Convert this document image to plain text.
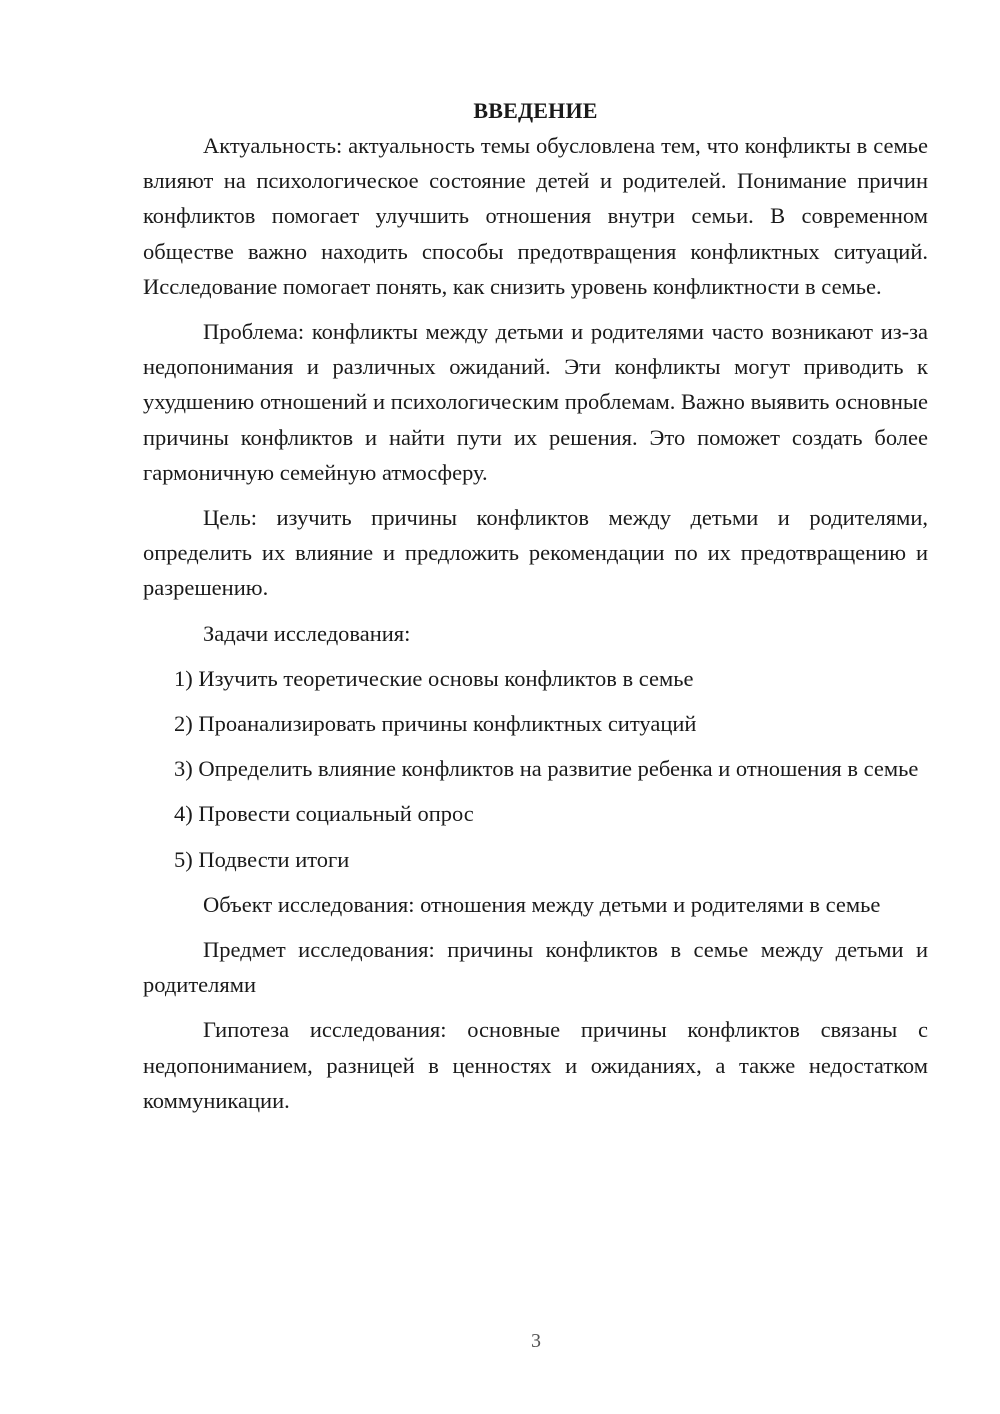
ВВЕДЕНИЕ

Актуальность: актуальность темы обусловлена тем, что конфликты в семье влияют на психологическое состояние детей и родителей. Понимание причин конфликтов помогает улучшить отношения внутри семьи. В современном обществе важно находить способы предотвращения конфликтных ситуаций. Исследование помогает понять, как снизить уровень конфликтности в семье.

Проблема: конфликты между детьми и родителями часто возникают из-за недопонимания и различных ожиданий. Эти конфликты могут приводить к ухудшению отношений и психологическим проблемам. Важно выявить основные причины конфликтов и найти пути их решения. Это поможет создать более гармоничную семейную атмосферу.

Цель: изучить причины конфликтов между детьми и родителями, определить их влияние и предложить рекомендации по их предотвращению и разрешению.

Задачи исследования:

1) Изучить теоретические основы конфликтов в семье

2) Проанализировать причины конфликтных ситуаций

3) Определить влияние конфликтов на развитие ребенка и отношения в семье

4) Провести социальный опрос

5) Подвести итоги

Объект исследования: отношения между детьми и родителями в семье

Предмет исследования: причины конфликтов в семье между детьми и родителями

Гипотеза исследования: основные причины конфликтов связаны с недопониманием, разницей в ценностях и ожиданиях, а также недостатком коммуникации.

3
